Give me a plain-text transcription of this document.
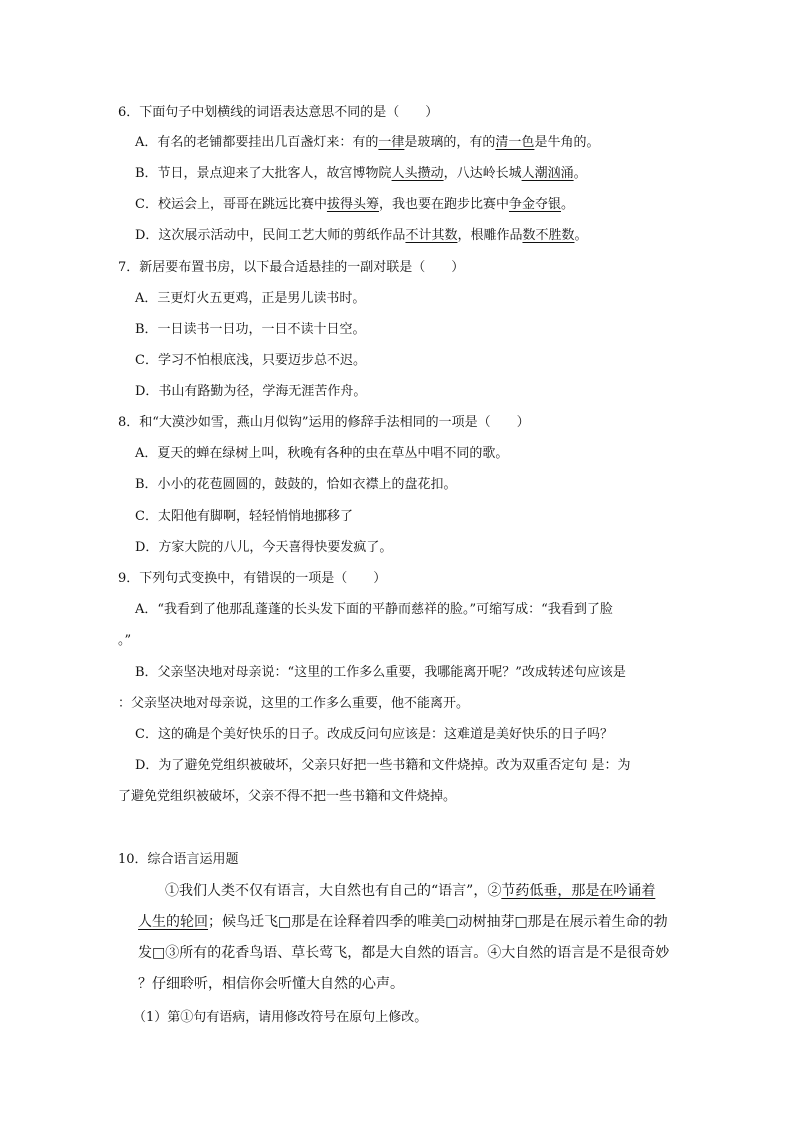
6．下面句子中划横线的词语表达意思不同的是（　　）
A．有名的老铺都要挂出几百盏灯来：有的一律是玻璃的，有的清一色是牛角的。
B．节日，景点迎来了大批客人，故宫博物院人头攒动，八达岭长城人潮汹涌。
C．校运会上，哥哥在跳远比赛中拔得头筹，我也要在跑步比赛中争金夺银。
D．这次展示活动中，民间工艺大师的剪纸作品不计其数，根雕作品数不胜数。
7．新居要布置书房，以下最合适悬挂的一副对联是（　　）
A．三更灯火五更鸡，正是男儿读书时。
B．一日读书一日功，一日不读十日空。
C．学习不怕根底浅，只要迈步总不迟。
D．书山有路勤为径，学海无涯苦作舟。
8．和“大漠沙如雪，燕山月似钩”运用的修辞手法相同的一项是（　　）
A．夏天的蝉在绿树上叫，秋晚有各种的虫在草丛中唱不同的歌。
B．小小的花苞圆圆的，鼓鼓的，恰如衣襟上的盘花扣。
C．太阳他有脚啊，轻轻悄悄地挪移了
D．方家大院的八儿，今天喜得快要发疯了。
9．下列句式变换中，有错误的一项是（　　）
A．“我看到了他那乱蓬蓬的长头发下面的平静而慈祥的脸。”可缩写成：“我看到了脸
。”
B．父亲坚决地对母亲说：“这里的工作多么重要，我哪能离开呢？”改成转述句应该是
：父亲坚决地对母亲说，这里的工作多么重要，他不能离开。
C．这的确是个美好快乐的日子。改成反问句应该是：这难道是美好快乐的日子吗？
D．为了避免党组织被破坏，父亲只好把一些书籍和文件烧掉。改为双重否定句 是：为
了避免党组织被破坏，父亲不得不把一些书籍和文件烧掉。
10．综合语言运用题
①我们人类不仅有语言，大自然也有自己的“语言”，②节药低垂，那是在吟诵着
人生的轮回；候鸟迁飞□那是在诠释着四季的唯美□动树抽芽□那是在展示着生命的勃
发□③所有的花香鸟语、草长莺飞，都是大自然的语言。④大自然的语言是不是很奇妙
？仔细聆听，相信你会听懂大自然的心声。
（1）第①句有语病，请用修改符号在原句上修改。
